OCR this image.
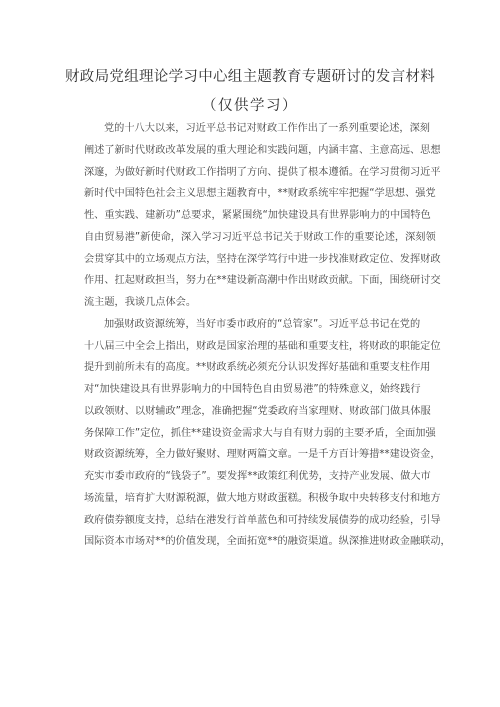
财政局党组理论学习中心组主题教育专题研讨的发言材料
（仅供学习）
党的十八大以来，习近平总书记对财政工作作出了一系列重要论述，深刻
阐述了新时代财政改革发展的重大理论和实践问题，内涵丰富、主意高远、思想
深邃，为做好新时代财政工作指明了方向、提供了根本遵循。在学习贯彻习近平
新时代中国特色社会主义思想主题教育中，**财政系统牢牢把握“学思想、强党
性、重实践、建新功”总要求，紧紧围绕“加快建设具有世界影响力的中国特色
自由贸易港”新使命，深入学习习近平总书记关于财政工作的重要论述，深刻领
会贯穿其中的立场观点方法，坚持在深学笃行中进一步找准财政定位、发挥财政
作用、扛起财政担当，努力在**建设新高潮中作出财政贡献。下面，围绕研讨交
流主题，我谈几点体会。
加强财政资源统筹，当好市委市政府的“总管家”。习近平总书记在党的
十八届三中全会上指出，财政是国家治理的基础和重要支柱，将财政的职能定位
提升到前所未有的高度。**财政系统必须充分认识发挥好基础和重要支柱作用
对“加快建设具有世界影响力的中国特色自由贸易港”的特殊意义，始终践行
以政领财、以财辅政”理念，准确把握“党委政府当家理财、财政部门做具体服
务保障工作”定位，抓住**建设资金需求大与自有财力弱的主要矛盾，全面加强
财政资源统筹，全力做好聚财、理财两篇文章。一是千方百计筹措**建设资金，
充实市委市政府的“钱袋子”。要发挥**政策红利优势，支持产业发展、做大市
场流量，培育扩大财源税源，做大地方财政蛋糕。积极争取中央转移支付和地方
政府债券额度支持，总结在港发行首单蓝色和可持续发展债券的成功经验，引导
国际资本市场对**的价值发现，全面拓宽**的融资渠道。纵深推进财政金融联动，
